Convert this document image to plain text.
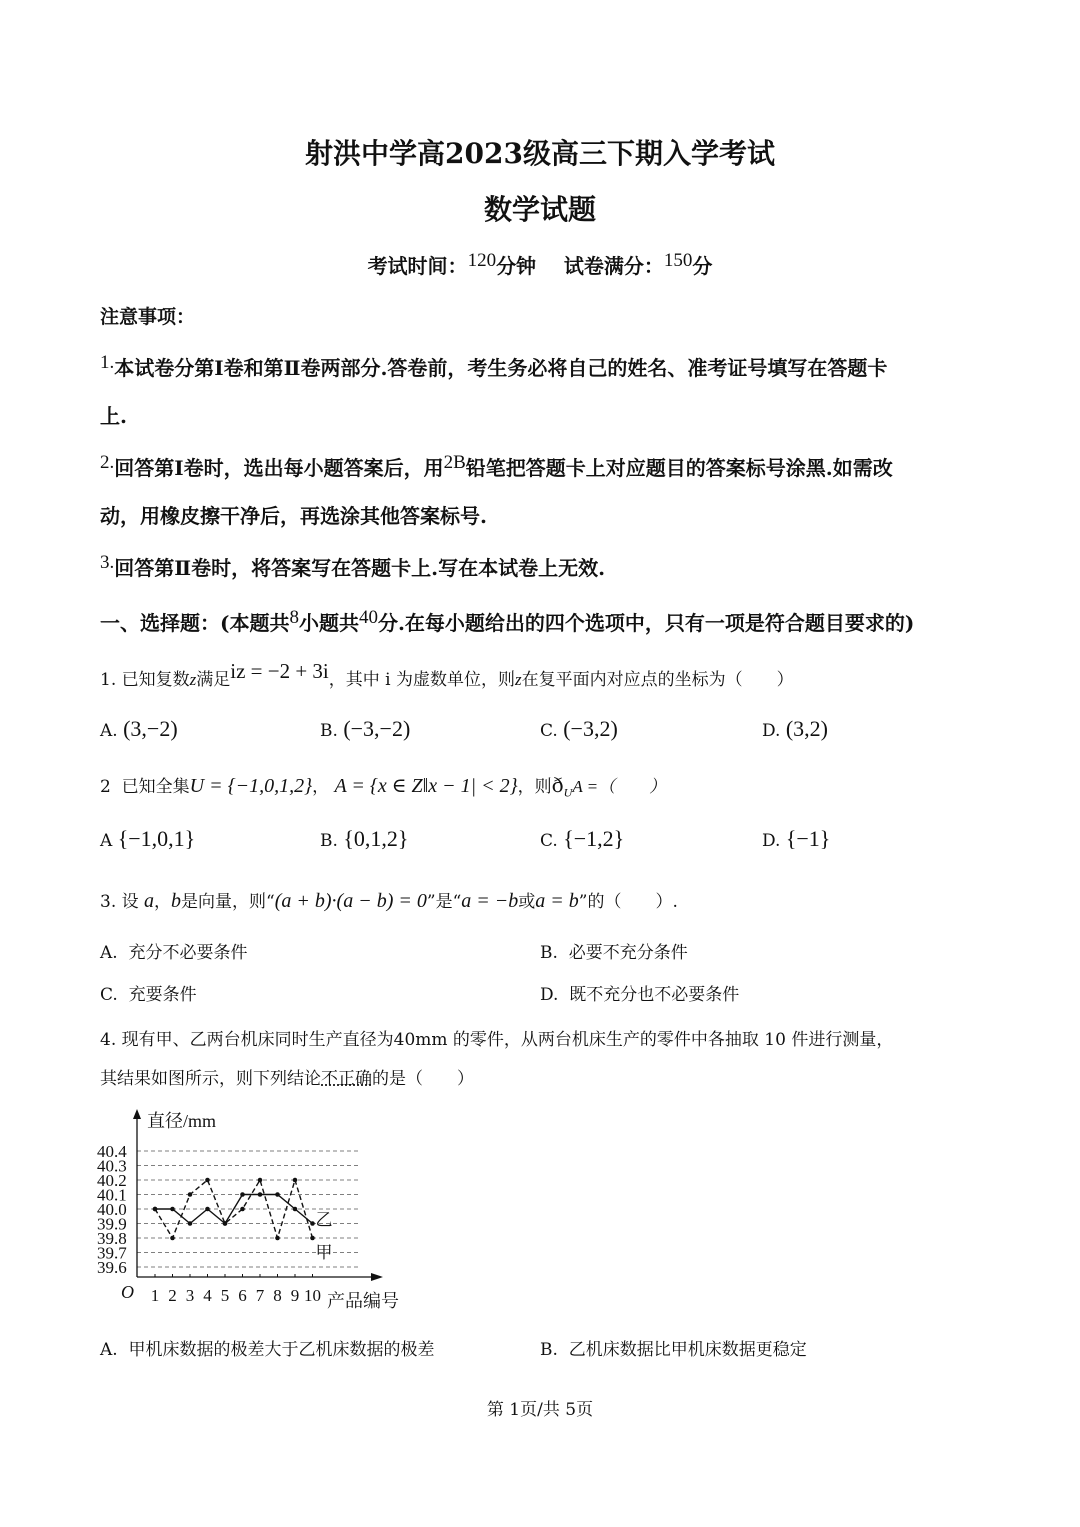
射洪中学高2023级高三下期入学考试
数学试题
考试时间：120分钟 试卷满分：150分
注意事项：
1.本试卷分第Ⅰ卷和第Ⅱ卷两部分.答卷前，考生务必将自己的姓名、准考证号填写在答题卡
上.
2.回答第Ⅰ卷时，选出每小题答案后，用2B铅笔把答题卡上对应题目的答案标号涂黑.如需改
动，用橡皮擦干净后，再选涂其他答案标号.
3.回答第Ⅱ卷时，将答案写在答题卡上.写在本试卷上无效.
一、选择题：(本题共8小题共40分.在每小题给出的四个选项中，只有一项是符合题目要求的)
1. 已知复数z满足iz = −2 + 3i，其中 i 为虚数单位，则z在复平面内对应点的坐标为（　　）
A. (3,−2)	B. (−3,−2)	C. (−3,2)	D. (3,2)
2 已知全集U = {−1,0,1,2}， A = {x ∈ Z‖x − 1| < 2}，则$ð_UA$ =（　　）
A {−1,0,1}	B. {0,1,2}	C. {−1,2}	D. {−1}
3. 设 a，b是向量，则“(a + b)·(a − b) = 0”是“a = −b或a = b”的（　　）.
A. 充分不必要条件	B. 必要不充分条件
C. 充要条件	D. 既不充分也不必要条件
4. 现有甲、乙两台机床同时生产直径为40mm 的零件，从两台机床生产的零件中各抽取 10 件进行测量，
其结果如图所示，则下列结论不正确的是（　　）
40.4
40.3
40.2
40.1
40.0
39.9
39.8
39.7
39.6
直径/mm
产品编号
O 1 2 3 4 5 6 7 8 9 10
甲
乙
A. 甲机床数据的极差大于乙机床数据的极差	B. 乙机床数据比甲机床数据更稳定
第 1页/共 5页
